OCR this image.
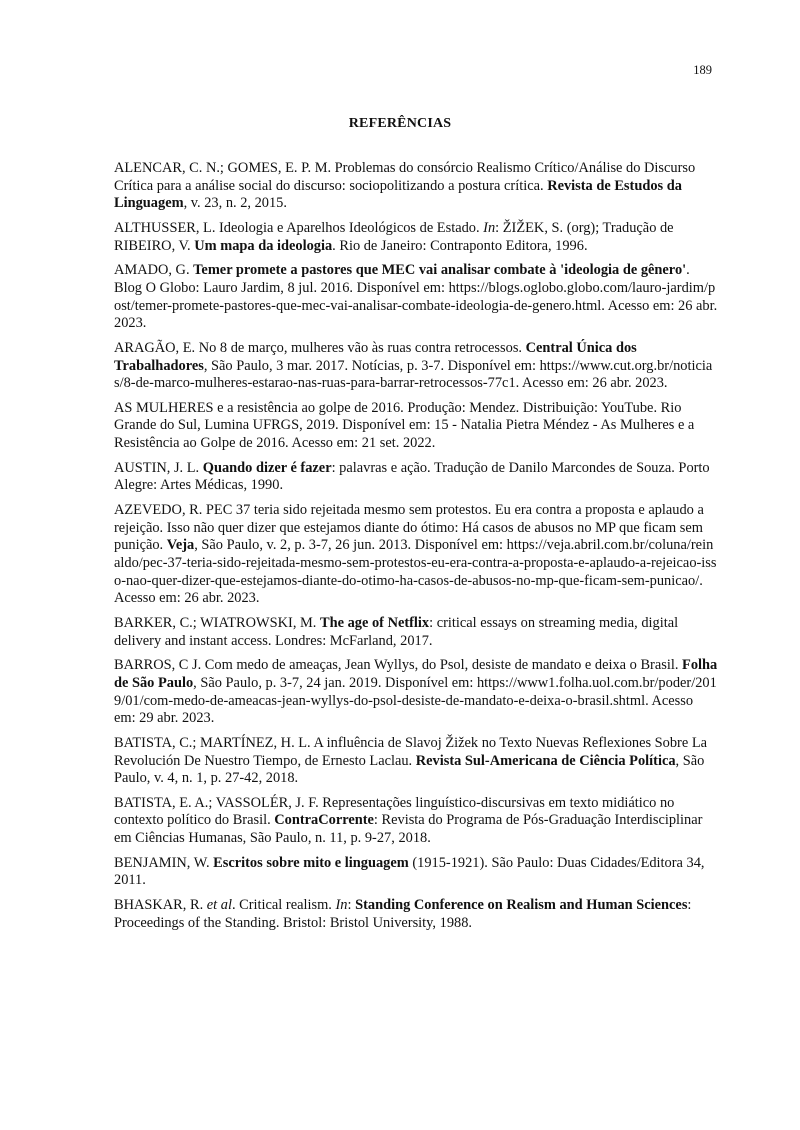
189
REFERÊNCIAS

ALENCAR, C. N.; GOMES, E. P. M. Problemas do consórcio Realismo Crítico/Análise do Discurso Crítica para a análise social do discurso: sociopolitizando a postura crítica. Revista de Estudos da Linguagem, v. 23, n. 2, 2015.

ALTHUSSER, L. Ideologia e Aparelhos Ideológicos de Estado. In: ŽIŽEK, S. (org); Tradução de RIBEIRO, V. Um mapa da ideologia. Rio de Janeiro: Contraponto Editora, 1996.

AMADO, G. Temer promete a pastores que MEC vai analisar combate à 'ideologia de gênero'. Blog O Globo: Lauro Jardim, 8 jul. 2016. Disponível em: https://blogs.oglobo.globo.com/lauro-jardim/post/temer-promete-pastores-que-mec-vai-analisar-combate-ideologia-de-genero.html. Acesso em: 26 abr. 2023.

ARAGÃO, E. No 8 de março, mulheres vão às ruas contra retrocessos. Central Única dos Trabalhadores, São Paulo, 3 mar. 2017. Notícias, p. 3-7. Disponível em: https://www.cut.org.br/noticias/8-de-marco-mulheres-estarao-nas-ruas-para-barrar-retrocessos-77c1. Acesso em: 26 abr. 2023.

AS MULHERES e a resistência ao golpe de 2016. Produção: Mendez. Distribuição: YouTube. Rio Grande do Sul, Lumina UFRGS, 2019. Disponível em: 15 - Natalia Pietra Méndez - As Mulheres e a Resistência ao Golpe de 2016. Acesso em: 21 set. 2022.

AUSTIN, J. L. Quando dizer é fazer: palavras e ação. Tradução de Danilo Marcondes de Souza. Porto Alegre: Artes Médicas, 1990.

AZEVEDO, R. PEC 37 teria sido rejeitada mesmo sem protestos. Eu era contra a proposta e aplaudo a rejeição. Isso não quer dizer que estejamos diante do ótimo: Há casos de abusos no MP que ficam sem punição. Veja, São Paulo, v. 2, p. 3-7, 26 jun. 2013. Disponível em: https://veja.abril.com.br/coluna/reinaldo/pec-37-teria-sido-rejeitada-mesmo-sem-protestos-eu-era-contra-a-proposta-e-aplaudo-a-rejeicao-isso-nao-quer-dizer-que-estejamos-diante-do-otimo-ha-casos-de-abusos-no-mp-que-ficam-sem-punicao/. Acesso em: 26 abr. 2023.

BARKER, C.; WIATROWSKI, M. The age of Netflix: critical essays on streaming media, digital delivery and instant access. Londres: McFarland, 2017.

BARROS, C J. Com medo de ameaças, Jean Wyllys, do Psol, desiste de mandato e deixa o Brasil. Folha de São Paulo, São Paulo, p. 3-7, 24 jan. 2019. Disponível em: https://www1.folha.uol.com.br/poder/2019/01/com-medo-de-ameacas-jean-wyllys-do-psol-desiste-de-mandato-e-deixa-o-brasil.shtml. Acesso em: 29 abr. 2023.

BATISTA, C.; MARTÍNEZ, H. L. A influência de Slavoj Žižek no Texto Nuevas Reflexiones Sobre La Revolución De Nuestro Tiempo, de Ernesto Laclau. Revista Sul-Americana de Ciência Política, São Paulo, v. 4, n. 1, p. 27-42, 2018.

BATISTA, E. A.; VASSOLÉR, J. F. Representações linguístico-discursivas em texto midiático no contexto político do Brasil. ContraCorrente: Revista do Programa de Pós-Graduação Interdisciplinar em Ciências Humanas, São Paulo, n. 11, p. 9-27, 2018.

BENJAMIN, W. Escritos sobre mito e linguagem (1915-1921). São Paulo: Duas Cidades/Editora 34, 2011.

BHASKAR, R. et al. Critical realism. In: Standing Conference on Realism and Human Sciences: Proceedings of the Standing. Bristol: Bristol University, 1988.
